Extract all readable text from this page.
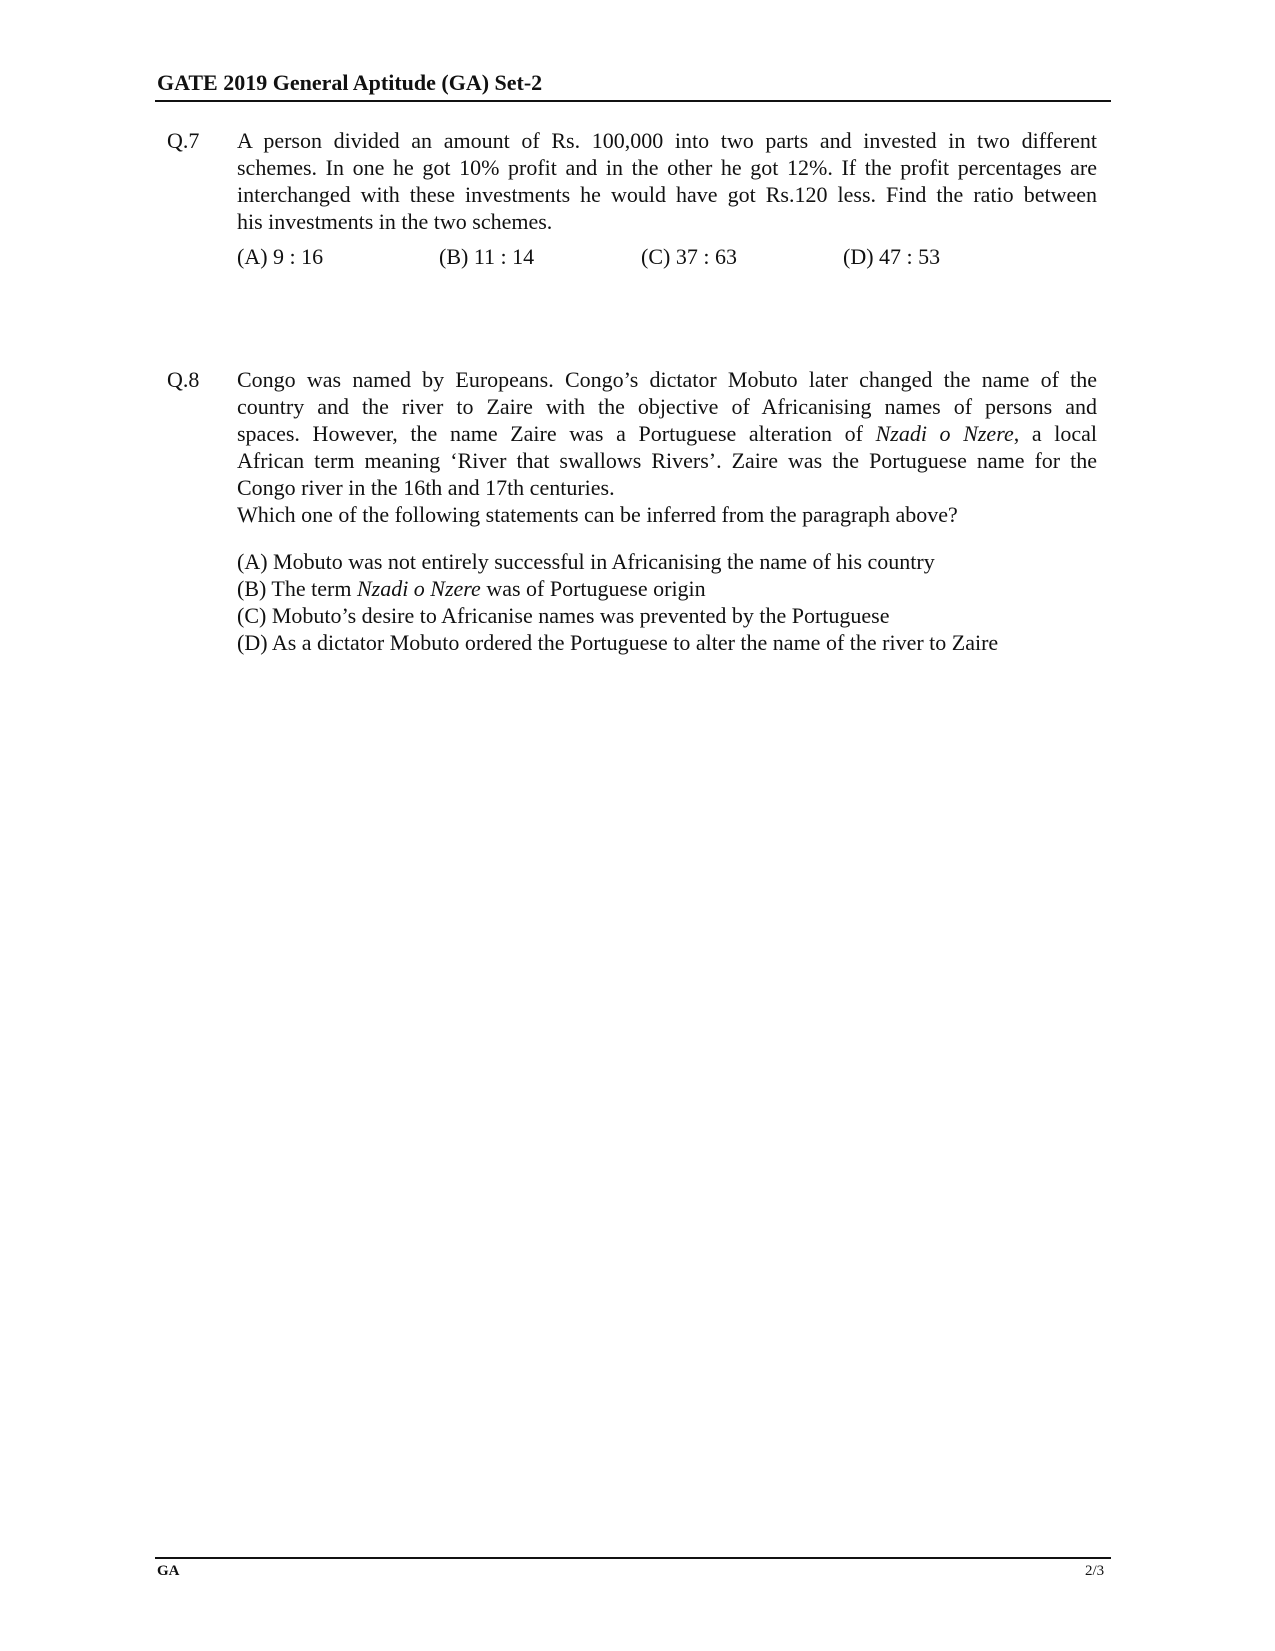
GATE 2019 General Aptitude (GA) Set-2
Q.7 A person divided an amount of Rs. 100,000 into two parts and invested in two different
schemes. In one he got 10% profit and in the other he got 12%. If the profit percentages are
interchanged with these investments he would have got Rs.120 less. Find the ratio between
his investments in the two schemes.
(A) 9 : 16	(B) 11 : 14	(C) 37 : 63	(D) 47 : 53
Q.8 Congo was named by Europeans. Congo’s dictator Mobuto later changed the name of the
country and the river to Zaire with the objective of Africanising names of persons and
spaces. However, the name Zaire was a Portuguese alteration of Nzadi o Nzere, a local
African term meaning ‘River that swallows Rivers’. Zaire was the Portuguese name for the
Congo river in the 16th and 17th centuries.
Which one of the following statements can be inferred from the paragraph above?
(A) Mobuto was not entirely successful in Africanising the name of his country
(B) The term Nzadi o Nzere was of Portuguese origin
(C) Mobuto’s desire to Africanise names was prevented by the Portuguese
(D) As a dictator Mobuto ordered the Portuguese to alter the name of the river to Zaire
GA	2/3
